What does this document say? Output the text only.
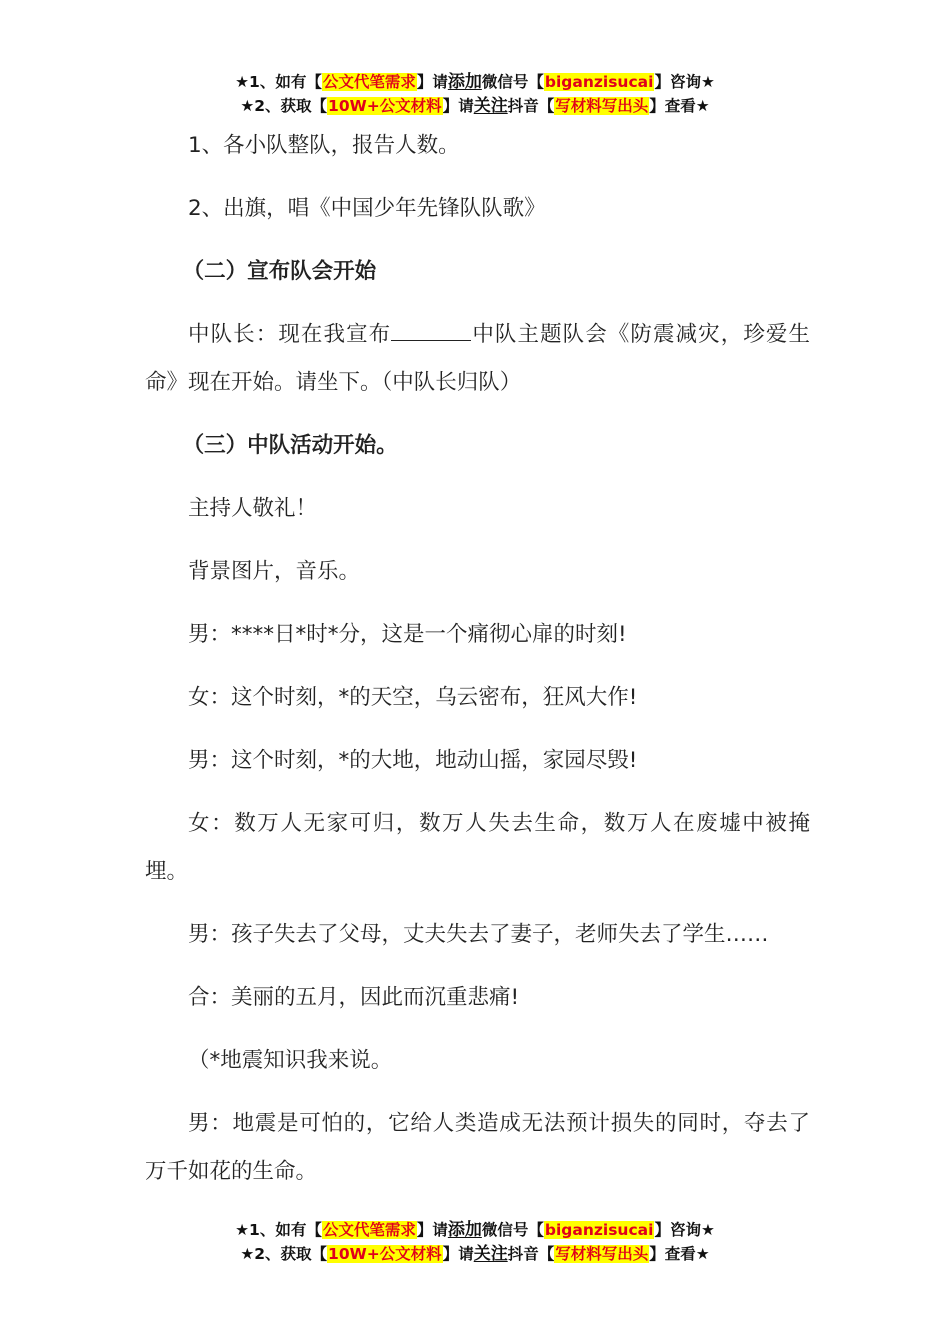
★1、如有【公文代笔需求】请添加微信号【biganzisucai】咨询★
★2、获取【10W+公文材料】请关注抖音【写材料写出头】查看★

1、各小队整队，报告人数。

2、出旗，唱《中国少年先锋队队歌》

（二）宣布队会开始

中队长：现在我宣布	中队主题队会《防震减灾，珍爱生命》现在开始。请坐下。（中队长归队）

（三）中队活动开始。

主持人敬礼！

背景图片，音乐。

男：****日*时*分，这是一个痛彻心扉的时刻!

女：这个时刻，*的天空，乌云密布，狂风大作!

男：这个时刻，*的大地，地动山摇，家园尽毁!

女：数万人无家可归，数万人失去生命，数万人在废墟中被掩埋。

男：孩子失去了父母，丈夫失去了妻子，老师失去了学生……

合：美丽的五月，因此而沉重悲痛!

（*地震知识我来说。

男：地震是可怕的，它给人类造成无法预计损失的同时，夺去了万千如花的生命。

★1、如有【公文代笔需求】请添加微信号【biganzisucai】咨询★
★2、获取【10W+公文材料】请关注抖音【写材料写出头】查看★
